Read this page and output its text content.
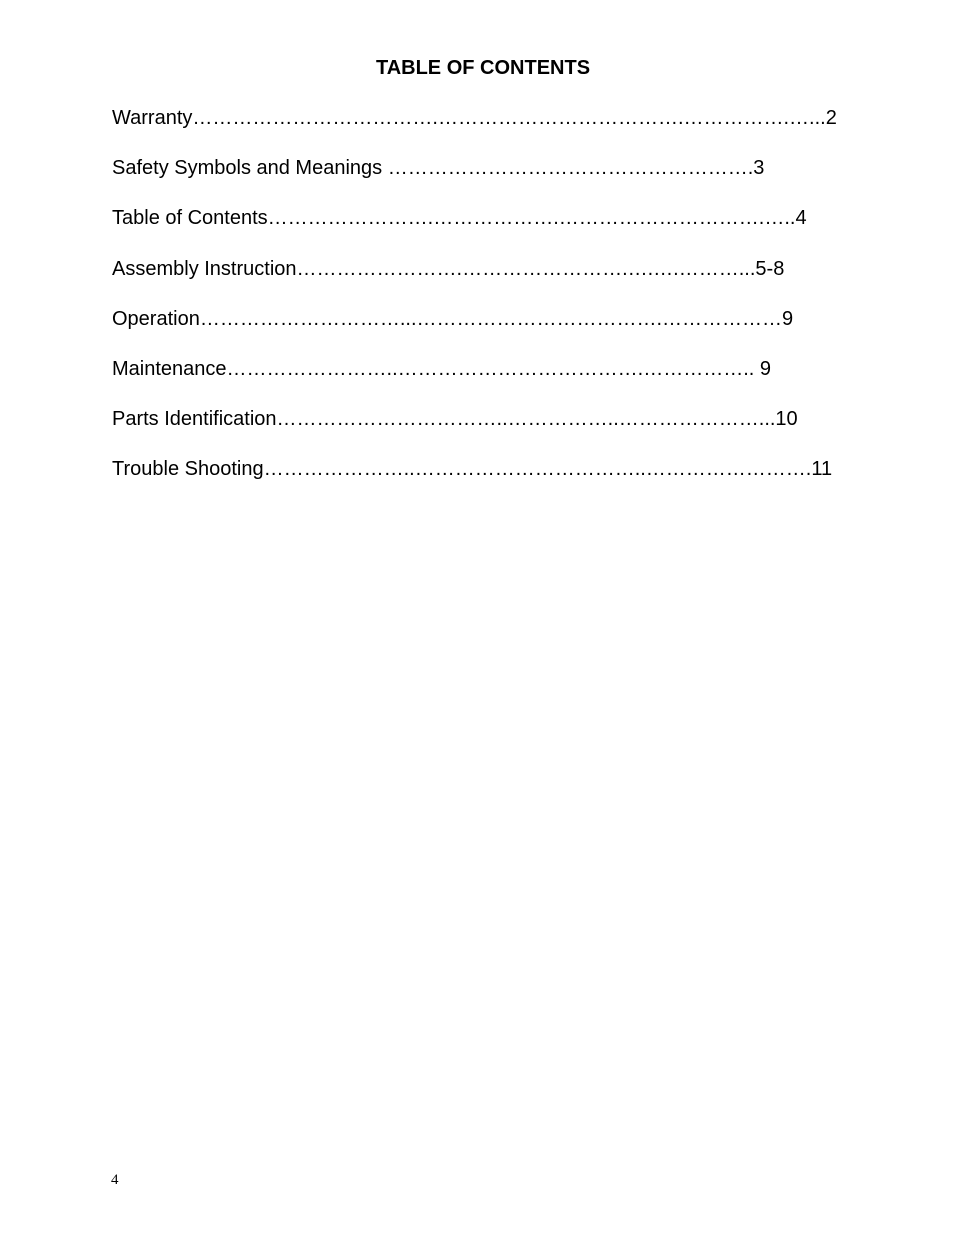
TABLE OF CONTENTS
Warranty……………………………….……………………………….…………….…...2
Safety Symbols and Meanings ……………………………………………….3
Table of Contents…………………….……………….………………………….…..4
Assembly Instruction…………………….…………………….….….………...5-8
Operation…………………………...……………………………….………………9
Maintenance……………………..……………………………….…………….. 9
Parts Identification……………………………..……………..…………………...10
Trouble Shooting…………………..……………………………..…………………….11
4
